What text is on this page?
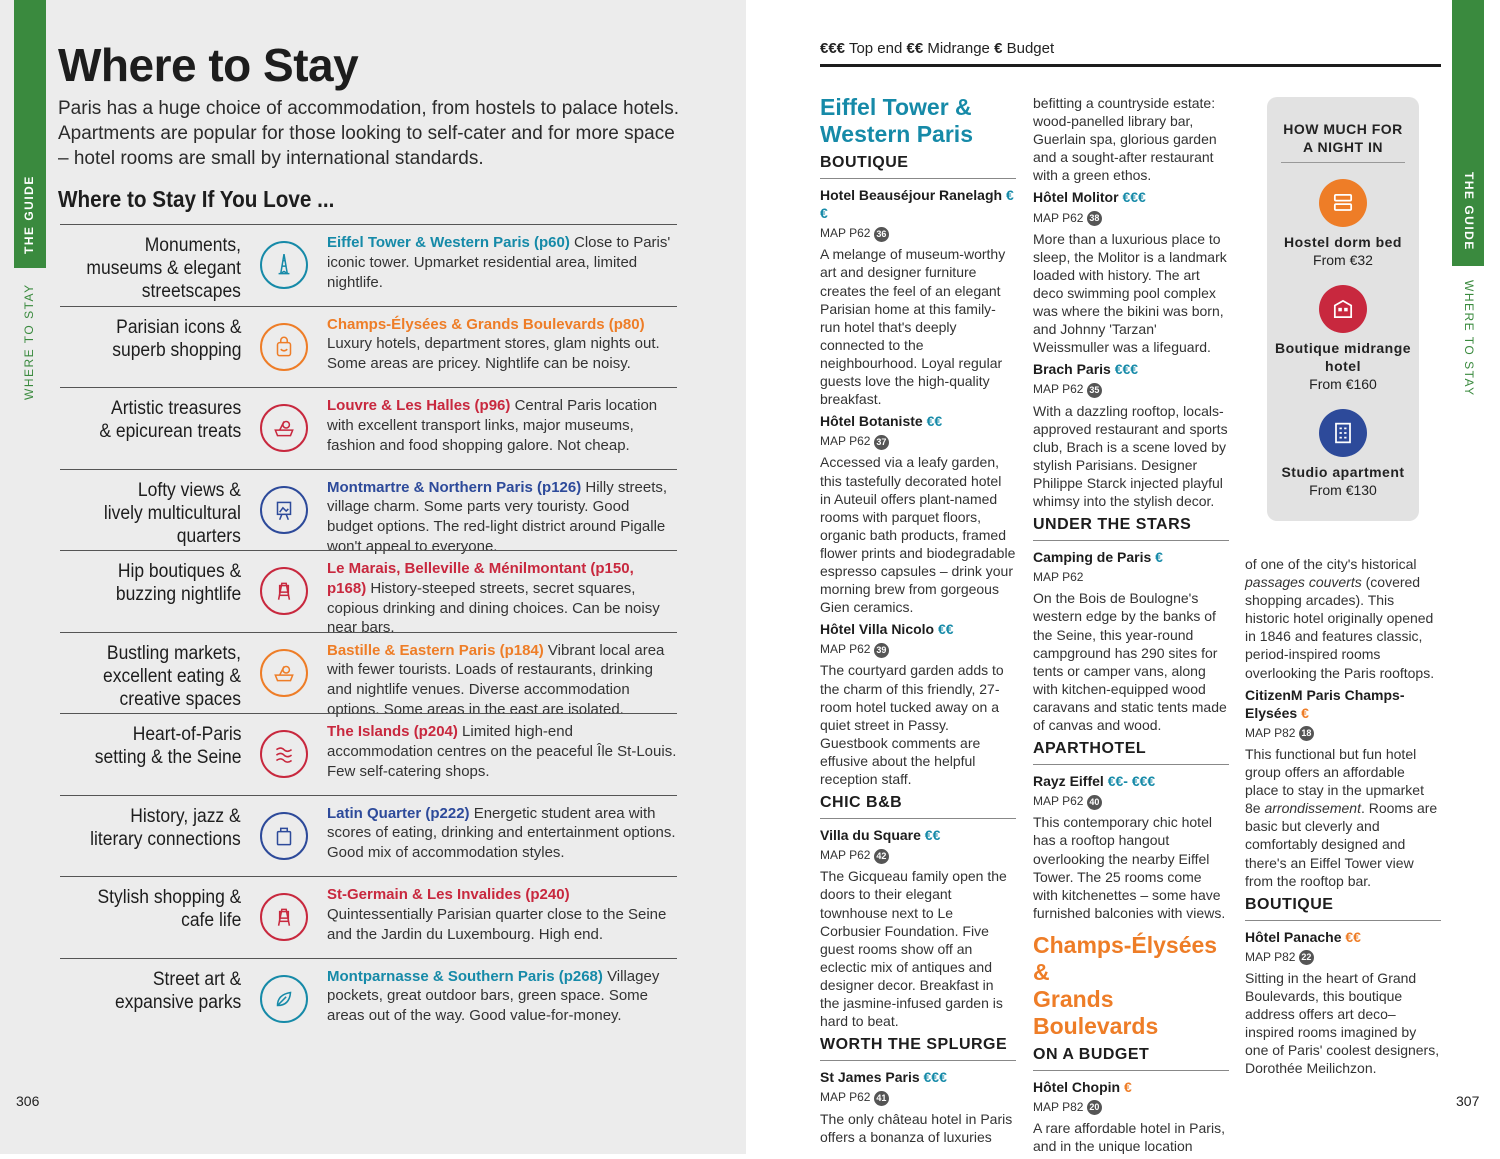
THE GUIDE
WHERE TO STAY
Where to Stay
Paris has a huge choice of accommodation, from hostels to palace hotels. Apartments are popular for those looking to self-cater and for more space – hotel rooms are small by international standards.
Where to Stay If You Love ...
Monuments,
museums & elegant
streetscapes
Eiffel Tower & Western Paris (p60) Close to Paris' iconic tower. Upmarket residential area, limited nightlife.
Parisian icons &
superb shopping
Champs-Élysées & Grands Boulevards (p80) Luxury hotels, department stores, glam nights out. Some areas are pricey. Nightlife can be noisy.
Artistic treasures
& epicurean treats
Louvre & Les Halles (p96) Central Paris location with excellent transport links, major museums, fashion and food shopping galore. Not cheap.
Lofty views &
lively multicultural
quarters
Montmartre & Northern Paris (p126) Hilly streets, village charm. Some parts very touristy. Good budget options. The red-light district around Pigalle won't appeal to everyone.
Hip boutiques &
buzzing nightlife
Le Marais, Belleville & Ménilmontant (p150, p168) History-steeped streets, secret squares, copious drinking and dining choices. Can be noisy near bars.
Bustling markets,
excellent eating &
creative spaces
Bastille & Eastern Paris (p184) Vibrant local area with fewer tourists. Loads of restaurants, drinking and nightlife venues. Diverse accommodation options. Some areas in the east are isolated.
Heart-of-Paris
setting & the Seine
The Islands (p204) Limited high-end accommodation centres on the peaceful Île St-Louis. Few self-catering shops.
History, jazz &
literary connections
Latin Quarter (p222) Energetic student area with scores of eating, drinking and entertainment options. Good mix of accommodation styles.
Stylish shopping &
cafe life
St-Germain & Les Invalides (p240) Quintessentially Parisian quarter close to the Seine and the Jardin du Luxembourg. High end.
Street art &
expansive parks
Montparnasse & Southern Paris (p268) Villagey pockets, great outdoor bars, green space. Some areas out of the way. Good value-for-money.
306
THE GUIDE
WHERE TO STAY
307
€€€ Top end €€ Midrange € Budget
Eiffel Tower &
Western Paris
BOUTIQUE
Hotel Beauséjour Ranelagh €€
MAP P62 36
A melange of museum-worthy art and designer furniture creates the feel of an elegant Parisian home at this family-run hotel that's deeply connected to the neighbourhood. Loyal regular guests love the high-quality breakfast.
Hôtel Botaniste €€
MAP P62 37
Accessed via a leafy garden, this tastefully decorated hotel in Auteuil offers plant-named rooms with parquet floors, organic bath products, framed flower prints and biodegradable espresso capsules – drink your morning brew from gorgeous Gien ceramics.
Hôtel Villa Nicolo €€
MAP P62 39
The courtyard garden adds to the charm of this friendly, 27-room hotel tucked away on a quiet street in Passy. Guestbook comments are effusive about the helpful reception staff.
CHIC B&B
Villa du Square €€
MAP P62 42
The Gicqueau family open the doors to their elegant townhouse next to Le Corbusier Foundation. Five guest rooms show off an eclectic mix of antiques and designer decor. Breakfast in the jasmine-infused garden is hard to beat.
WORTH THE SPLURGE
St James Paris €€€
MAP P62 41
The only château hotel in Paris offers a bonanza of luxuries
befitting a countryside estate: wood-panelled library bar, Guerlain spa, glorious garden and a sought-after restaurant with a green ethos.
Hôtel Molitor €€€
MAP P62 38
More than a luxurious place to sleep, the Molitor is a landmark loaded with history. The art deco swimming pool complex was where the bikini was born, and Johnny 'Tarzan' Weissmuller was a lifeguard.
Brach Paris €€€
MAP P62 35
With a dazzling rooftop, locals-approved restaurant and sports club, Brach is a scene loved by stylish Parisians. Designer Philippe Starck injected playful whimsy into the stylish decor.
UNDER THE STARS
Camping de Paris €
MAP P62
On the Bois de Boulogne's western edge by the banks of the Seine, this year-round campground has 290 sites for tents or camper vans, along with kitchen-equipped wood caravans and static tents made of canvas and wood.
APARTHOTEL
Rayz Eiffel €€- €€€
MAP P62 40
This contemporary chic hotel has a rooftop hangout overlooking the nearby Eiffel Tower. The 25 rooms come with kitchenettes – some have furnished balconies with views.
Champs-Élysées &
Grands Boulevards
ON A BUDGET
Hôtel Chopin €
MAP P82 20
A rare affordable hotel in Paris, and in the unique location
HOW MUCH FOR A NIGHT IN
Hostel dorm bed
From €32
Boutique midrange hotel
From €160
Studio apartment
From €130
of one of the city's historical passages couverts (covered shopping arcades). This historic hotel originally opened in 1846 and features classic, period-inspired rooms overlooking the Paris rooftops.
CitizenM Paris Champs-Elysées €
MAP P82 18
This functional but fun hotel group offers an affordable place to stay in the upmarket 8e arrondissement. Rooms are basic but cleverly and comfortably designed and there's an Eiffel Tower view from the rooftop bar.
BOUTIQUE
Hôtel Panache €€
MAP P82 22
Sitting in the heart of Grand Boulevards, this boutique address offers art deco–inspired rooms imagined by one of Paris' coolest designers, Dorothée Meilichzon.
